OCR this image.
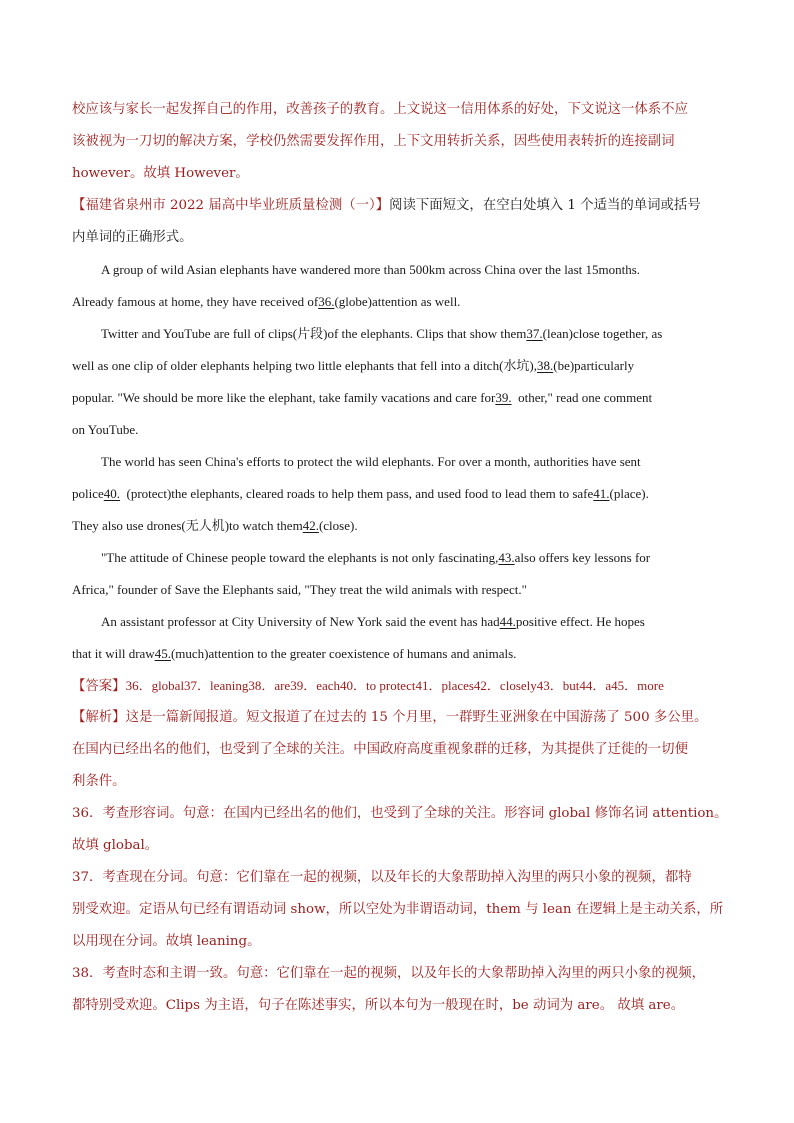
校应该与家长一起发挥自己的作用，改善孩子的教育。上文说这一信用体系的好处，下文说这一体系不应
该被视为一刀切的解决方案，学校仍然需要发挥作用，上下文用转折关系，因些使用表转折的连接副词
however。故填 However。
【福建省泉州市 2022 届高中毕业班质量检测（一）】阅读下面短文，在空白处填入 1 个适当的单词或括号
内单词的正确形式。
A group of wild Asian elephants have wandered more than 500km across China over the last 15months.
Already famous at home, they have received of36.(globe)attention as well.
Twitter and YouTube are full of clips(片段)of the elephants. Clips that show them37.(lean)close together, as
well as one clip of older elephants helping two little elephants that fell into a ditch(水坑),38.(be)particularly
popular. "We should be more like the elephant, take family vacations and care for39. other," read one comment
on YouTube.
The world has seen China's efforts to protect the wild elephants. For over a month, authorities have sent
police40. (protect)the elephants, cleared roads to help them pass, and used food to lead them to safe41.(place).
They also use drones(无人机)to watch them42.(close).
"The attitude of Chinese people toward the elephants is not only fascinating,43.also offers key lessons for
Africa," founder of Save the Elephants said, "They treat the wild animals with respect."
An assistant professor at City University of New York said the event has had44.positive effect. He hopes
that it will draw45.(much)attention to the greater coexistence of humans and animals.
【答案】36．global37．leaning38．are39．each40．to protect41．places42．closely43．but44．a45．more
【解析】这是一篇新闻报道。短文报道了在过去的 15 个月里，一群野生亚洲象在中国游荡了 500 多公里。
在国内已经出名的他们，也受到了全球的关注。中国政府高度重视象群的迁移，为其提供了迁徙的一切便
利条件。
36．考查形容词。句意：在国内已经出名的他们，也受到了全球的关注。形容词 global 修饰名词 attention。
故填 global。
37．考查现在分词。句意：它们靠在一起的视频，以及年长的大象帮助掉入沟里的两只小象的视频，都特
别受欢迎。定语从句已经有谓语动词 show，所以空处为非谓语动词，them 与 lean 在逻辑上是主动关系，所
以用现在分词。故填 leaning。
38．考查时态和主谓一致。句意：它们靠在一起的视频，以及年长的大象帮助掉入沟里的两只小象的视频，
都特别受欢迎。Clips 为主语，句子在陈述事实，所以本句为一般现在时，be 动词为 are。 故填 are。
